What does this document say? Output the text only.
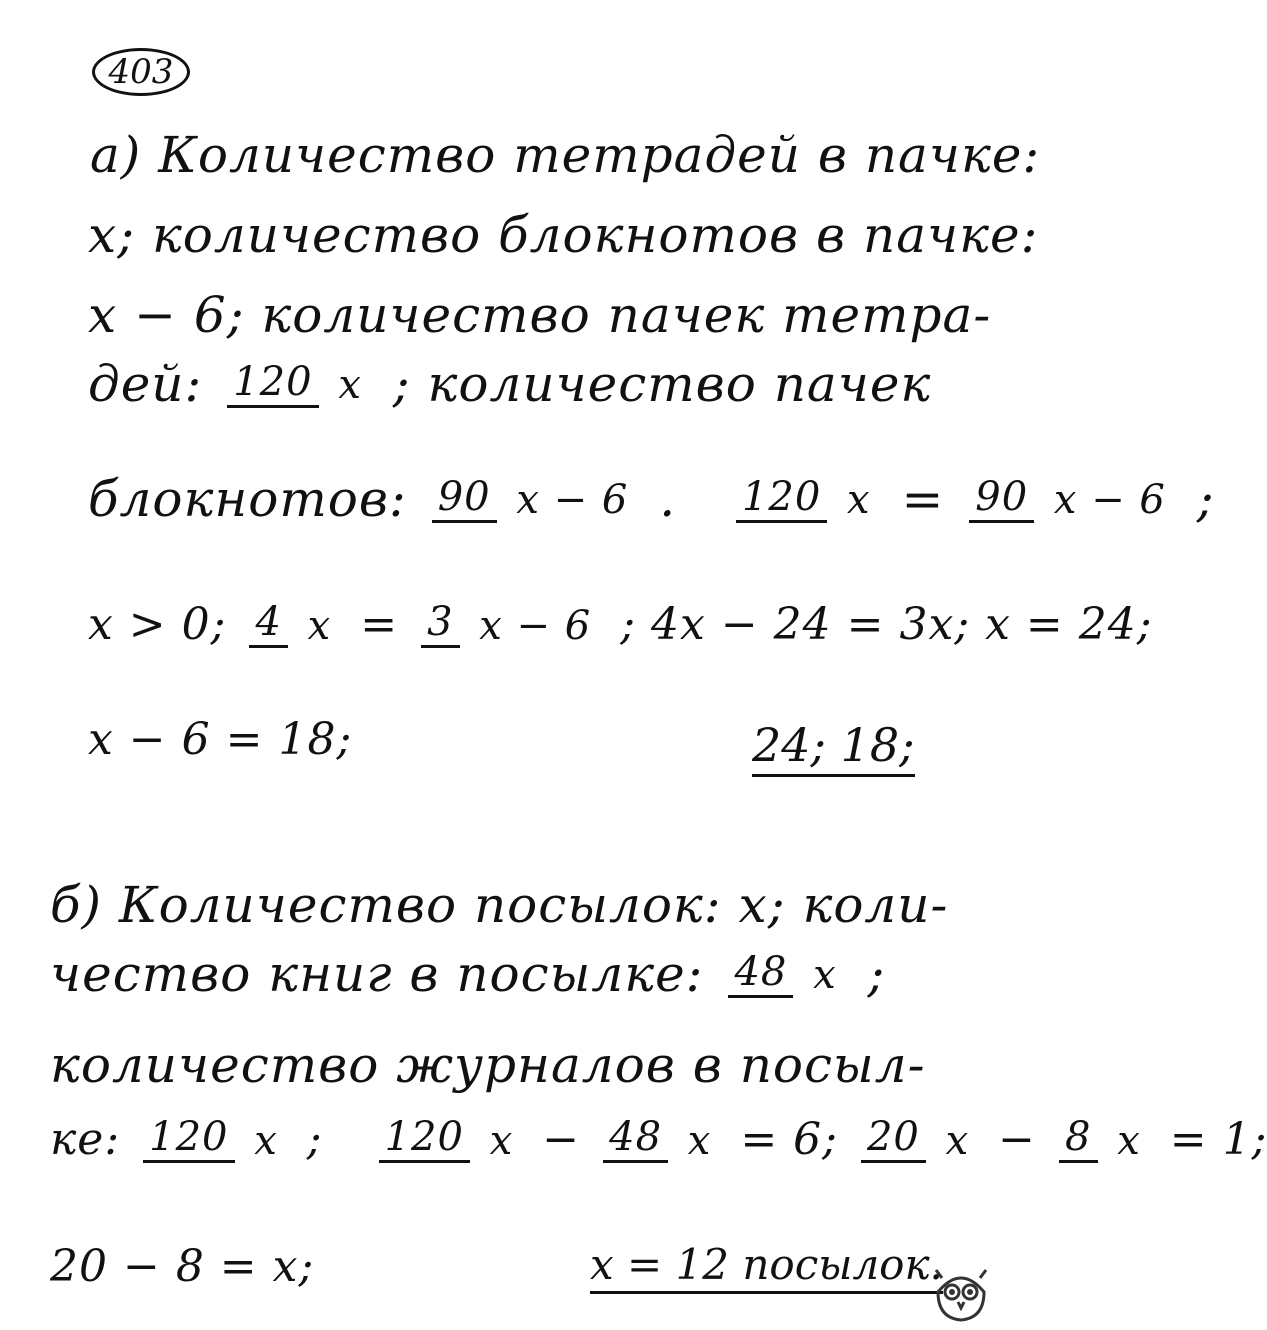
403
а) Количество тетрадей в пачке:
x; количество блокнотов в пачке:
x − 6; количество пачек тетра-
дей: 120 x ; количество пачек
блокнотов: 90 x − 6 . 120 x = 90 x − 6 ;
x > 0; 4 x = 3 x − 6 ; 4x − 24 = 3x; x = 24;
x − 6 = 18;	24; 18;
б) Количество посылок: x; коли-
чество книг в посылке: 48 x ;
количество журналов в посыл-
ке: 120 x ; 120 x − 48 x = 6; 20 x − 8 x = 1;
20 − 8 = x;	x = 12 посылок.
